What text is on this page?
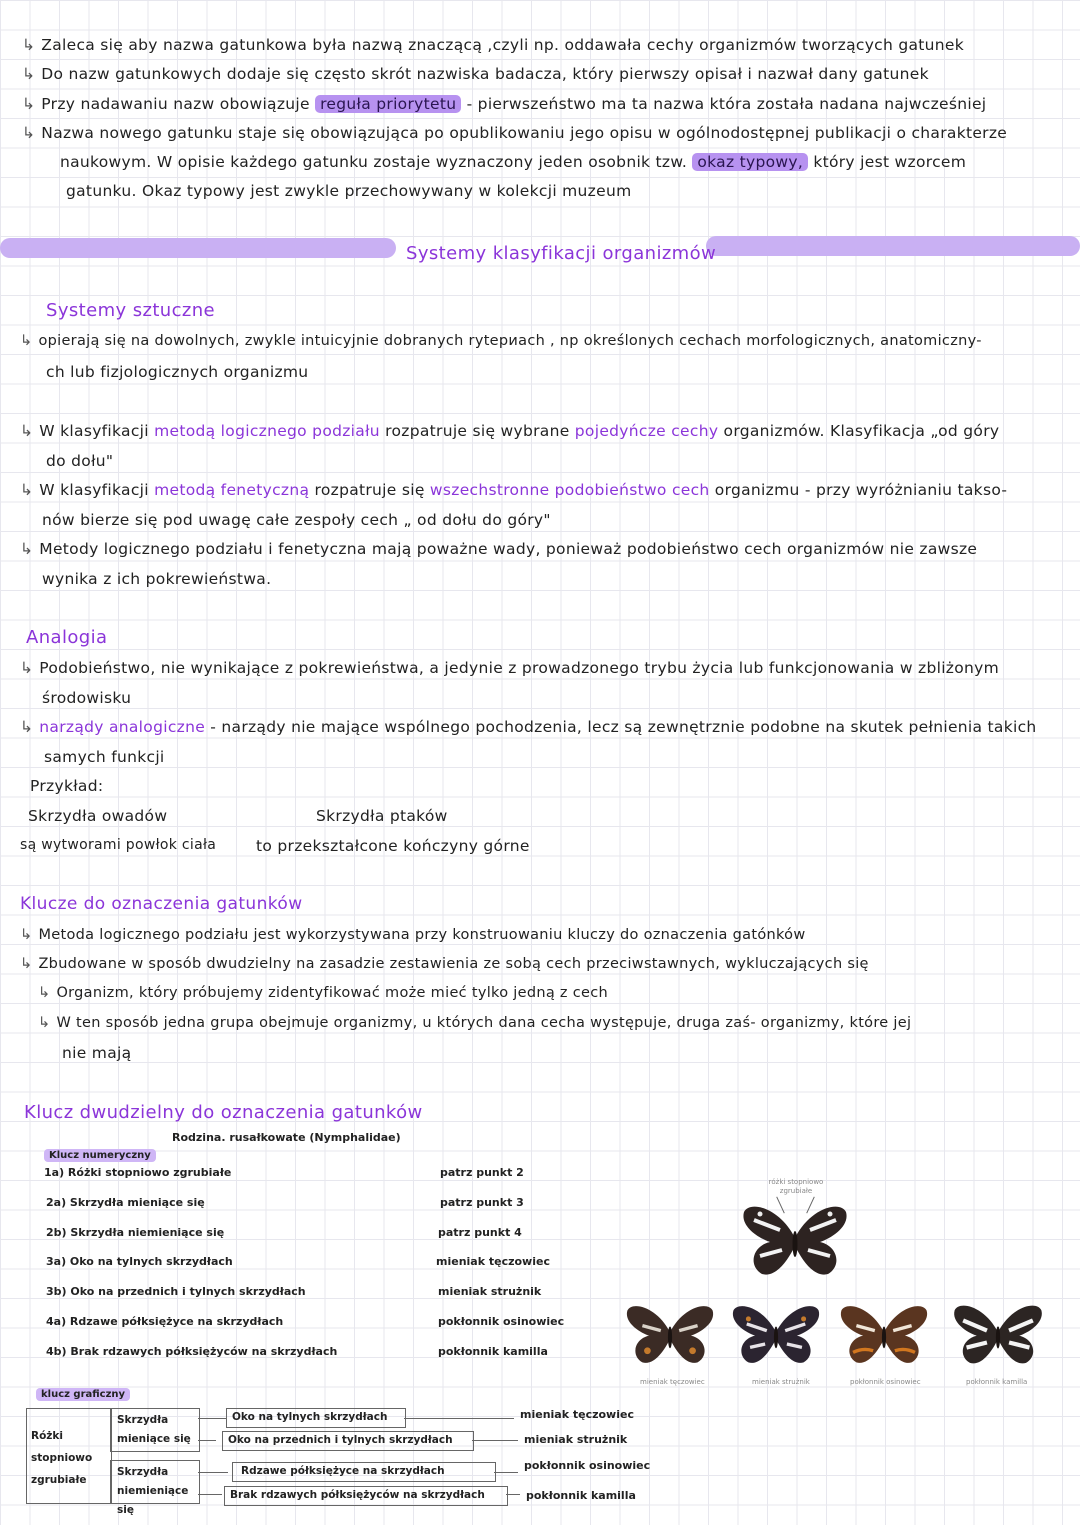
↳ Zaleca się aby nazwa gatunkowa była nazwą znaczącą ,czyli np. oddawała cechy organizmów tworzących gatunek
↳ Do nazw gatunkowych dodaje się często skrót nazwiska badacza, który pierwszy opisał i nazwał dany gatunek
↳ Przy nadawaniu nazw obowiązuje reguła priorytetu - pierwszeństwo ma ta nazwa która została nadana najwcześniej
↳ Nazwa nowego gatunku staje się obowiązująca po opublikowaniu jego opisu w ogólnodostępnej publikacji o charakterze
naukowym. W opisie każdego gatunku zostaje wyznaczony jeden osobnik tzw. okaz typowy, który jest wzorcem
gatunku. Okaz typowy jest zwykle przechowywany w kolekcji muzeum
Systemy klasyfikacji organizmów
Systemy sztuczne
↳ opierają się na dowolnych, zwykle intuicyjnie dobranych rytериach , np określonych cechach morfologicznych, anatomiczny-
ch lub fizjologicznych organizmu
↳ W klasyfikacji metodą logicznego podziału rozpatruje się wybrane pojedyńcze cechy organizmów. Klasyfikacja „od góry
do dołu"
↳ W klasyfikacji metodą fenetyczną rozpatruje się wszechstronne podobieństwo cech organizmu - przy wyróżnianiu takso-
nów bierze się pod uwagę całe zespoły cech „ od dołu do góry"
↳ Metody logicznego podziału i fenetyczna mają poważne wady, ponieważ podobieństwo cech organizmów nie zawsze
wynika z ich pokrewieństwa.
Analogia
↳ Podobieństwo, nie wynikające z pokrewieństwa, a jedynie z prowadzonego trybu życia lub funkcjonowania w zbliżonym
środowisku
↳ narządy analogiczne - narządy nie mające wspólnego pochodzenia, lecz są zewnętrznie podobne na skutek pełnienia takich
samych funkcji
Przykład:
Skrzydła owadów	Skrzydła ptaków
są wytworami powłok ciała	to przekształcone kończyny górne
Klucze do oznaczenia gatunków
↳ Metoda logicznego podziału jest wykorzystywana przy konstruowaniu kluczy do oznaczenia gatónków
↳ Zbudowane w sposób dwudzielny na zasadzie zestawienia ze sobą cech przeciwstawnych, wykluczających się
↳ Organizm, który próbujemy zidentyfikować może mieć tylko jedną z cech
↳ W ten sposób jedna grupa obejmuje organizmy, u których dana cecha występuje, druga zaś- organizmy, które jej
nie mają
Klucz dwudzielny do oznaczenia gatunków
Rodzina. rusałkowate (Nymphalidae)
Klucz numeryczny
1a) Różki stopniowo zgrubiałe	patrz punkt 2
2a) Skrzydła mieniące się	patrz punkt 3
2b) Skrzydła niemieniące się	patrz punkt 4
3a) Oko na tylnych skrzydłach	mieniak tęczowiec
3b) Oko na przednich i tylnych skrzydłach	mieniak strużnik
4a) Rdzawe półksiężyce na skrzydłach	pokłonnik osinowiec
4b) Brak rdzawych półksiężyców na skrzydłach	pokłonnik kamilla
klucz graficzny
Różki stopniowo zgrubiałe
Skrzydła mieniące się
Skrzydła niemieniące się
Oko na tylnych skrzydłach
Oko na przednich i tylnych skrzydłach
Rdzawe półksiężyce na skrzydłach
Brak rdzawych półksiężyców na skrzydłach
mieniak tęczowiec
mieniak strużnik
pokłonnik osinowiec
pokłonnik kamilla
różki stopniowo zgrubiałe
mieniak tęczowiec	mieniak strużnik	pokłonnik osinowiec	pokłonnik kamilla
